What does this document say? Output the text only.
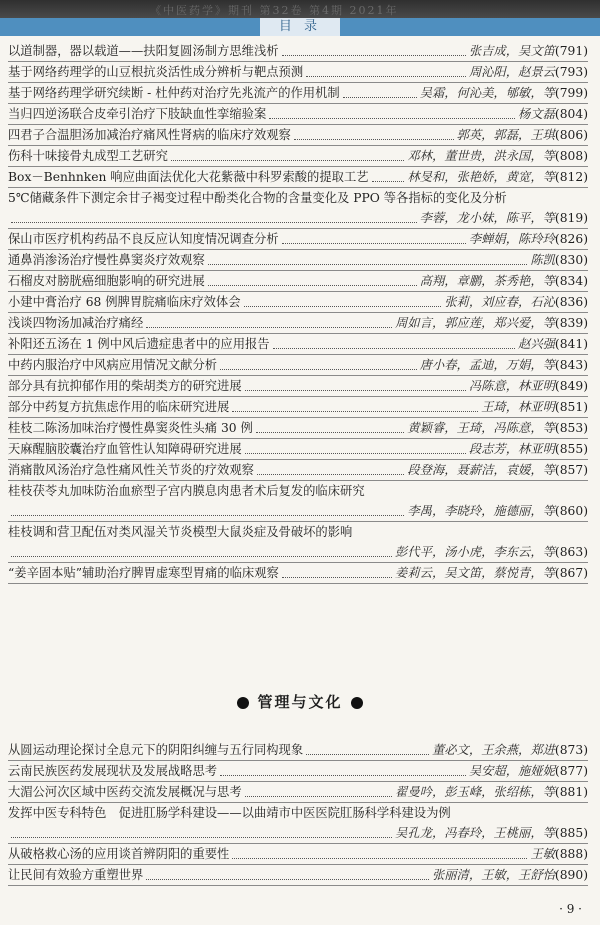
《中医药学》期刊 第32卷 第4期 2021年
目 录
以道制器，器以载道——扶阳复圆汤制方思维浅析	张吉成，吴文笛 (791)
基于网络药理学的山豆根抗炎活性成分辨析与靶点预测	周沁阳，赵景云 (793)
基于网络药理学研究续断 - 杜仲药对治疗先兆流产的作用机制	吴霜，何沁美，郇敏，等 (799)
当归四逆汤联合皮牵引治疗下肢缺血性挛缩验案	杨文磊 (804)
四君子合温胆汤加减治疗痛风性肾病的临床疗效观察	郭英，郭磊，王琪 (806)
伤科十味接骨丸成型工艺研究	邓林，董世贵，洪永国，等 (808)
Box－Benhnken 响应曲面法优化大花紫薇中科罗索酸的提取工艺	林旻和，张艳娇，黄宽，等 (812)
5℃储藏条件下测定余甘子褐变过程中酚类化合物的含量变化及 PPO 等各指标的变化及分析
李蓉，龙小妹，陈平，等 (819)
保山市医疗机构药品不良反应认知度情况调查分析	李蝉娟，陈玲玲 (826)
通鼻消渗汤治疗慢性鼻窦炎疗效观察	陈凯 (830)
石榴皮对膀胱癌细胞影响的研究进展	高翔，章鹏，茶秀艳，等 (834)
小建中膏治疗 68 例脾胃脘痛临床疗效体会	张莉，刘应春，石沁 (836)
浅谈四物汤加减治疗痛经	周如言，郭应莲，郑兴爱，等 (839)
补阳还五汤在 1 例中风后遗症患者中的应用报告	赵兴强 (841)
中药内服治疗中风病应用情况文献分析	唐小春，孟迪，万娟，等 (843)
部分具有抗抑郁作用的柴胡类方的研究进展	冯陈意，林亚明 (849)
部分中药复方抗焦虑作用的临床研究进展	王琦，林亚明 (851)
桂枝二陈汤加味治疗慢性鼻窦炎性头痛 30 例	黄颖睿，王琦，冯陈意，等 (853)
天麻醒脑胶囊治疗血管性认知障碍研究进展	段志芳，林亚明 (855)
消痛散风汤治疗急性痛风性关节炎的疗效观察	段登海，聂薪洁，袁媛，等 (857)
桂枝茯苓丸加味防治血瘀型子宫内膜息肉患者术后复发的临床研究
李禺，李晓玲，施德丽，等 (860)
桂枝调和营卫配伍对类风湿关节炎模型大鼠炎症及骨破坏的影响
彭代平，汤小虎，李东云，等 (863)
“姜辛固本贴”辅助治疗脾胃虚寒型胃痛的临床观察	姜莉云，吴文笛，蔡悦青，等 (867)
管理与文化
从圆运动理论探讨全息元下的阴阳纠缠与五行同构现象	董必文，王余燕，郑进 (873)
云南民族医药发展现状及发展战略思考	吴安超，施娅妮 (877)
大湄公河次区域中医药交流发展概况与思考	翟曼吟，彭玉峰，张绍栋，等 (881)
发挥中医专科特色　促进肛肠学科建设——以曲靖市中医医院肛肠科学科建设为例
吴孔龙，冯春玲，王桃丽，等 (885)
从破格救心汤的应用谈首辨阴阳的重要性	王敏 (888)
让民间有效验方重塑世界	张丽清，王敏，王舒怡 (890)
· 9 ·
